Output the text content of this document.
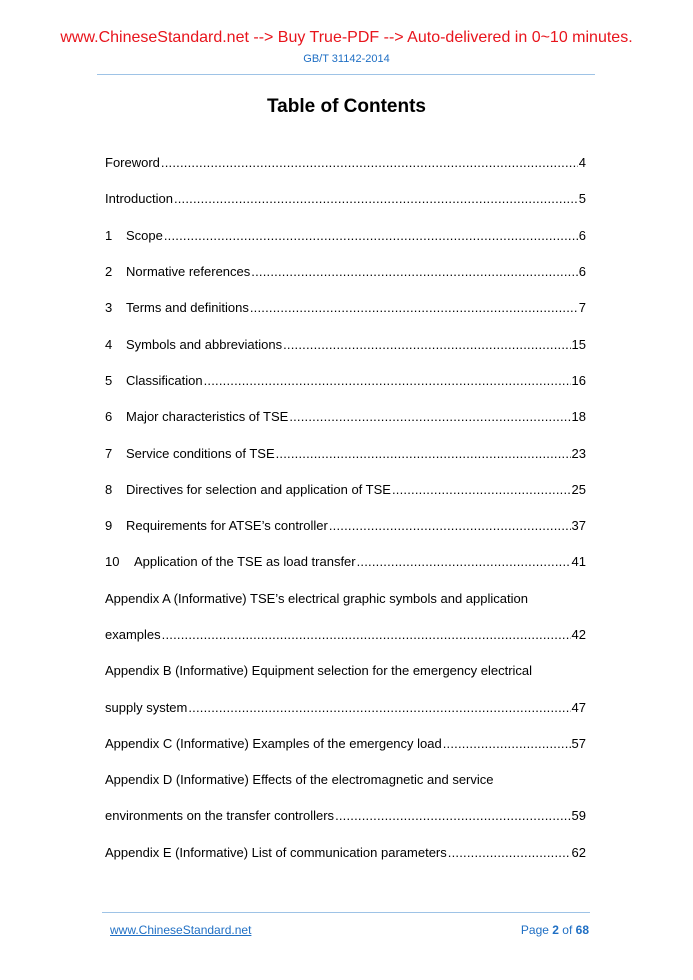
www.ChineseStandard.net --> Buy True-PDF --> Auto-delivered in 0~10 minutes.
GB/T 31142-2014
Table of Contents
Foreword .....	4
Introduction .....	5
1	Scope .....	6
2	Normative references .....	6
3	Terms and definitions .....	7
4	Symbols and abbreviations .....	15
5	Classification .....	16
6	Major characteristics of TSE .....	18
7	Service conditions of TSE .....	23
8	Directives for selection and application of TSE .....	25
9	Requirements for ATSE’s controller .....	37
10	Application of the TSE as load transfer .....	41
Appendix A (Informative) TSE’s electrical graphic symbols and application
examples .....	42
Appendix B (Informative) Equipment selection for the emergency electrical
supply system .....	47
Appendix C (Informative) Examples of the emergency load .....	57
Appendix D (Informative) Effects of the electromagnetic and service
environments on the transfer controllers .....	59
Appendix E (Informative) List of communication parameters .....	62
www.ChineseStandard.net	Page 2 of 68
